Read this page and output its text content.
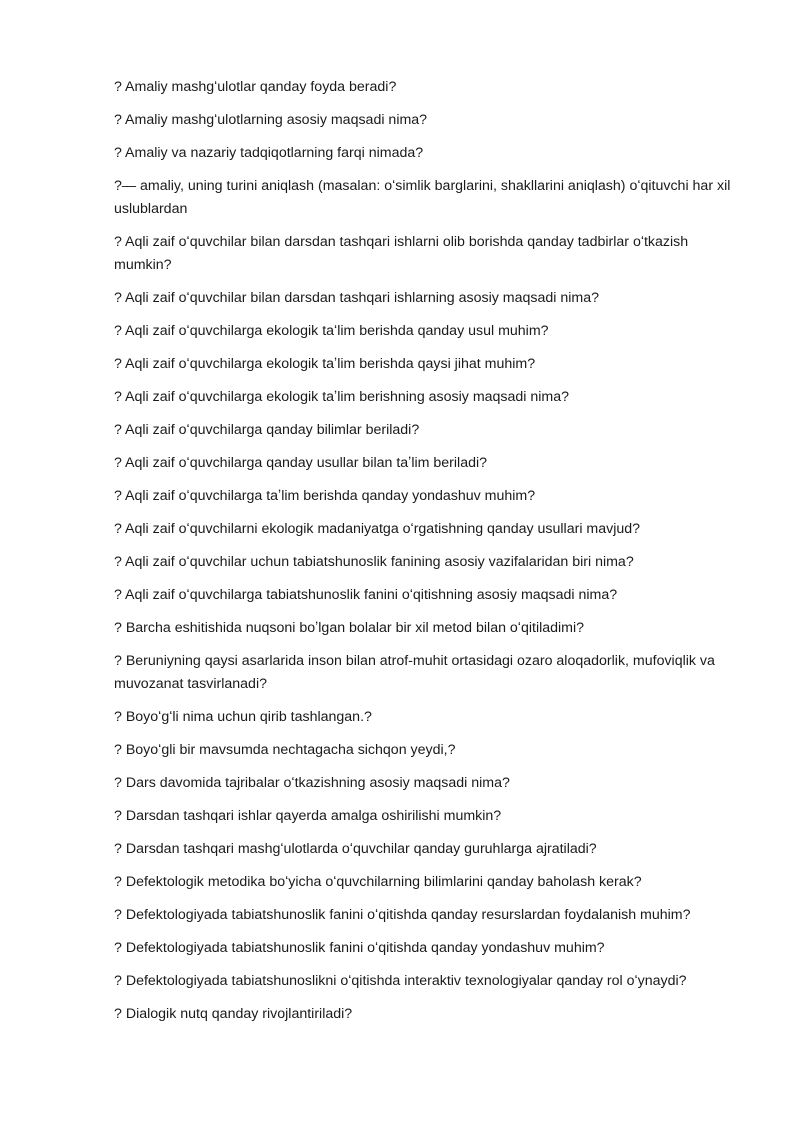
? Amaliy mashgʻulotlar qanday foyda beradi?
? Amaliy mashgʻulotlarning asosiy maqsadi nima?
? Amaliy va nazariy tadqiqotlarning farqi nimada?
?— amaliy, uning turini aniqlash (masalan: oʻsimlik barglarini, shakllarini aniqlash) oʻqituvchi har xil uslublardan
? Aqli zaif oʻquvchilar bilan darsdan tashqari ishlarni olib borishda qanday tadbirlar oʻtkazish mumkin?
? Aqli zaif oʻquvchilar bilan darsdan tashqari ishlarning asosiy maqsadi nima?
? Aqli zaif oʻquvchilarga ekologik taʻlim berishda qanday usul muhim?
? Aqli zaif oʻquvchilarga ekologik taʼlim berishda qaysi jihat muhim?
? Aqli zaif oʻquvchilarga ekologik taʼlim berishning asosiy maqsadi nima?
? Aqli zaif oʻquvchilarga qanday bilimlar beriladi?
? Aqli zaif oʻquvchilarga qanday usullar bilan taʼlim beriladi?
? Aqli zaif oʻquvchilarga taʼlim berishda qanday yondashuv muhim?
? Aqli zaif oʻquvchilarni ekologik madaniyatga oʻrgatishning qanday usullari mavjud?
? Aqli zaif oʻquvchilar uchun tabiatshunoslik fanining asosiy vazifalaridan biri nima?
? Aqli zaif oʻquvchilarga tabiatshunoslik fanini oʻqitishning asosiy maqsadi nima?
? Barcha eshitishida nuqsoni boʼlgan bolalar bir xil metod bilan oʻqitiladimi?
? Beruniyning qaysi asarlarida inson bilan atrof-muhit ortasidagi ozaro aloqadorlik, mufoviqlik va muvozanat tasvirlanadi?
? Boyoʻgʻli nima uchun qirib tashlangan.?
? Boyoʻgli bir mavsumda nechtagacha sichqon yeydi,?
? Dars davomida tajribalar oʻtkazishning asosiy maqsadi nima?
? Darsdan tashqari ishlar qayerda amalga oshirilishi mumkin?
? Darsdan tashqari mashgʻulotlarda oʻquvchilar qanday guruhlarga ajratiladi?
? Defektologik metodika boʻyicha oʻquvchilarning bilimlarini qanday baholash kerak?
? Defektologiyada tabiatshunoslik fanini oʻqitishda qanday resurslardan foydalanish muhim?
? Defektologiyada tabiatshunoslik fanini oʻqitishda qanday yondashuv muhim?
? Defektologiyada tabiatshunoslikni oʻqitishda interaktiv texnologiyalar qanday rol oʻynaydi?
? Dialogik nutq qanday rivojlantiriladi?
